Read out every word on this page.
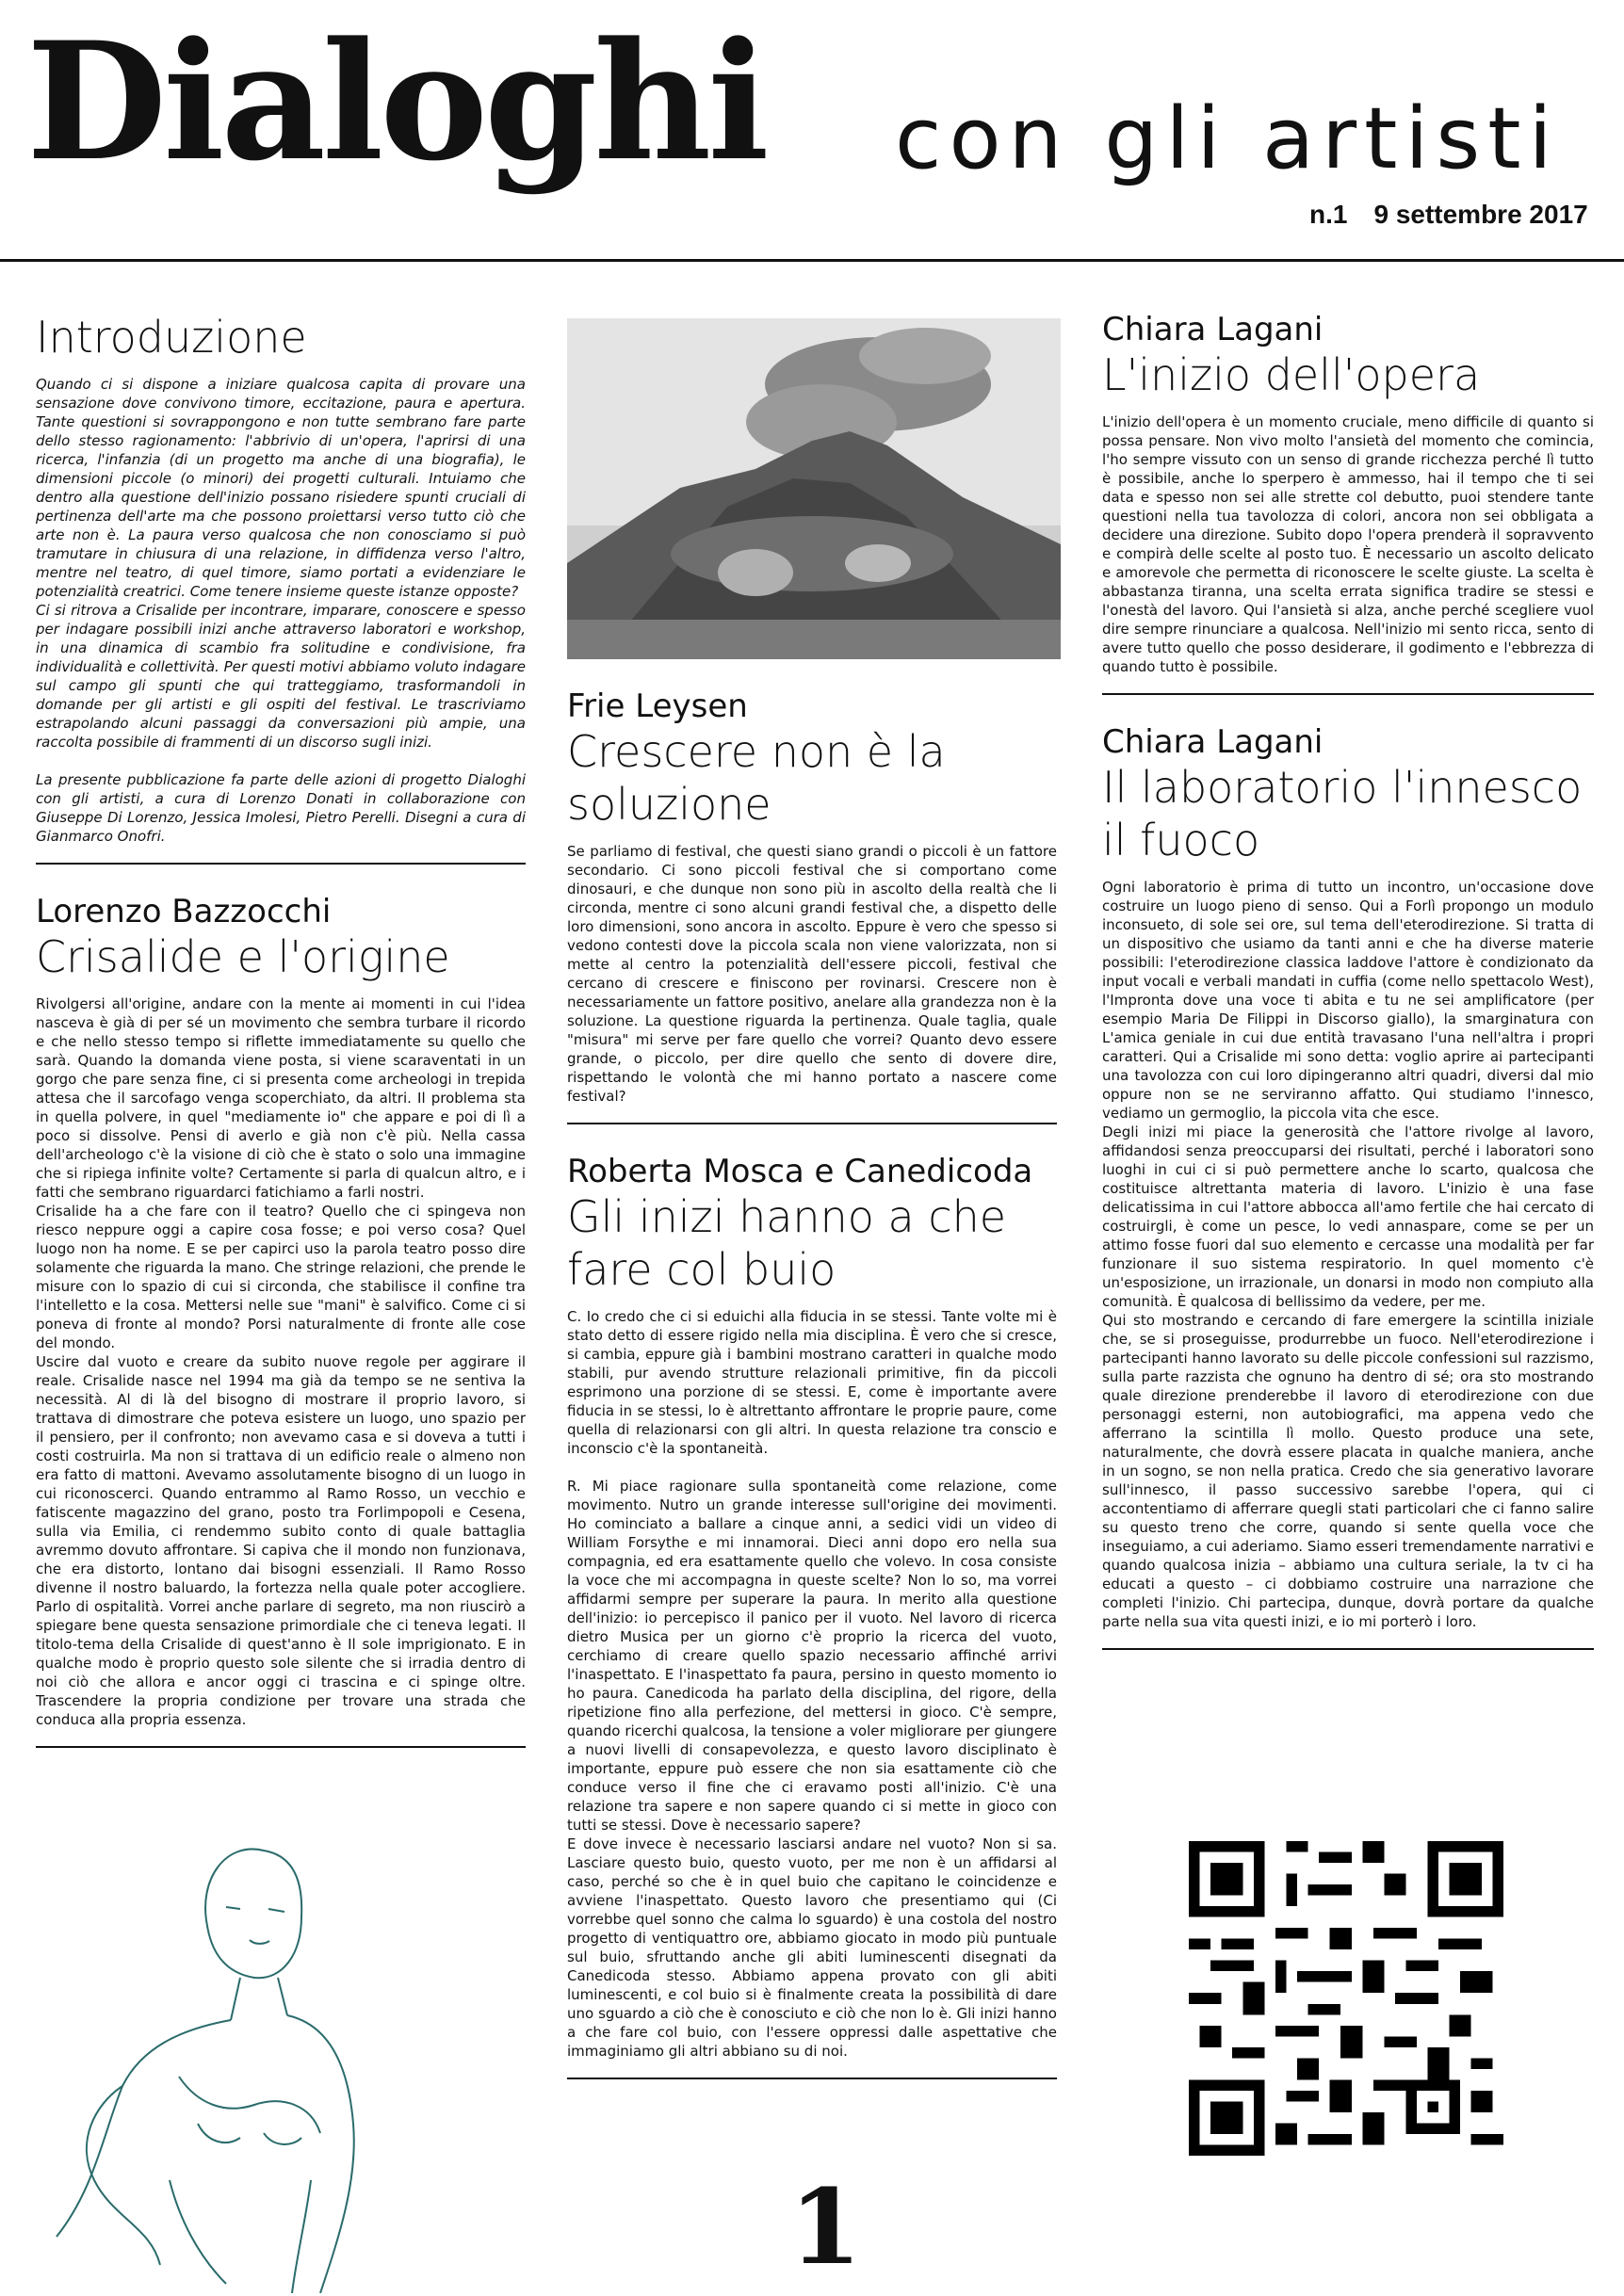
Dialoghi con gli artisti
n.1 9 settembre 2017
Introduzione

Quando ci si dispone a iniziare qualcosa capita di provare una sensazione dove convivono timore, eccitazione, paura e apertura. Tante questioni si sovrappongono e non tutte sembrano fare parte dello stesso ragionamento: l'abbrivio di un'opera, l'aprirsi di una ricerca, l'infanzia (di un progetto ma anche di una biografia), le dimensioni piccole (o minori) dei progetti culturali. Intuiamo che dentro alla questione dell'inizio possano risiedere spunti cruciali di pertinenza dell'arte ma che possono proiettarsi verso tutto ciò che arte non è. La paura verso qualcosa che non conosciamo si può tramutare in chiusura di una relazione, in diffidenza verso l'altro, mentre nel teatro, di quel timore, siamo portati a evidenziare le potenzialità creatrici. Come tenere insieme queste istanze opposte?

Ci si ritrova a Crisalide per incontrare, imparare, conoscere e spesso per indagare possibili inizi anche attraverso laboratori e workshop, in una dinamica di scambio fra solitudine e condivisione, fra individualità e collettività. Per questi motivi abbiamo voluto indagare sul campo gli spunti che qui tratteggiamo, trasformandoli in domande per gli artisti e gli ospiti del festival. Le trascriviamo estrapolando alcuni passaggi da conversazioni più ampie, una raccolta possibile di frammenti di un discorso sugli inizi.

La presente pubblicazione fa parte delle azioni di progetto Dialoghi con gli artisti, a cura di Lorenzo Donati in collaborazione con Giuseppe Di Lorenzo, Jessica Imolesi, Pietro Perelli. Disegni a cura di Gianmarco Onofri.

Lorenzo Bazzocchi

Crisalide e l'origine

Rivolgersi all'origine, andare con la mente ai momenti in cui l'idea nasceva è già di per sé un movimento che sembra turbare il ricordo e che nello stesso tempo si riflette immediatamente su quello che sarà. Quando la domanda viene posta, si viene scaraventati in un gorgo che pare senza fine, ci si presenta come archeologi in trepida attesa che il sarcofago venga scoperchiato, da altri. Il problema sta in quella polvere, in quel "mediamente io" che appare e poi di lì a poco si dissolve. Pensi di averlo e già non c'è più. Nella cassa dell'archeologo c'è la visione di ciò che è stato o solo una immagine che si ripiega infinite volte? Certamente si parla di qualcun altro, e i fatti che sembrano riguardarci fatichiamo a farli nostri.

Crisalide ha a che fare con il teatro? Quello che ci spingeva non riesco neppure oggi a capire cosa fosse; e poi verso cosa? Quel luogo non ha nome. E se per capirci uso la parola teatro posso dire solamente che riguarda la mano. Che stringe relazioni, che prende le misure con lo spazio di cui si circonda, che stabilisce il confine tra l'intelletto e la cosa. Mettersi nelle sue "mani" è salvifico. Come ci si poneva di fronte al mondo? Porsi naturalmente di fronte alle cose del mondo.

Uscire dal vuoto e creare da subito nuove regole per aggirare il reale. Crisalide nasce nel 1994 ma già da tempo se ne sentiva la necessità. Al di là del bisogno di mostrare il proprio lavoro, si trattava di dimostrare che poteva esistere un luogo, uno spazio per il pensiero, per il confronto; non avevamo casa e si doveva a tutti i costi costruirla. Ma non si trattava di un edificio reale o almeno non era fatto di mattoni. Avevamo assolutamente bisogno di un luogo in cui riconoscerci. Quando entrammo al Ramo Rosso, un vecchio e fatiscente magazzino del grano, posto tra Forlimpopoli e Cesena, sulla via Emilia, ci rendemmo subito conto di quale battaglia avremmo dovuto affrontare. Si capiva che il mondo non funzionava, che era distorto, lontano dai bisogni essenziali. Il Ramo Rosso divenne il nostro baluardo, la fortezza nella quale poter accogliere. Parlo di ospitalità. Vorrei anche parlare di segreto, ma non riuscirò a spiegare bene questa sensazione primordiale che ci teneva legati. Il titolo-tema della Crisalide di quest'anno è Il sole imprigionato. E in qualche modo è proprio questo sole silente che si irradia dentro di noi ciò che allora e ancor oggi ci trascina e ci spinge oltre. Trascendere la propria condizione per trovare una strada che conduca alla propria essenza.

Frie Leysen

Crescere non è la soluzione

Se parliamo di festival, che questi siano grandi o piccoli è un fattore secondario. Ci sono piccoli festival che si comportano come dinosauri, e che dunque non sono più in ascolto della realtà che li circonda, mentre ci sono alcuni grandi festival che, a dispetto delle loro dimensioni, sono ancora in ascolto. Eppure è vero che spesso si vedono contesti dove la piccola scala non viene valorizzata, non si mette al centro la potenzialità dell'essere piccoli, festival che cercano di crescere e finiscono per rovinarsi. Crescere non è necessariamente un fattore positivo, anelare alla grandezza non è la soluzione. La questione riguarda la pertinenza. Quale taglia, quale "misura" mi serve per fare quello che vorrei? Quanto devo essere grande, o piccolo, per dire quello che sento di dovere dire, rispettando le volontà che mi hanno portato a nascere come festival?

Roberta Mosca e Canedicoda

Gli inizi hanno a che fare col buio

C. Io credo che ci si eduichi alla fiducia in se stessi. Tante volte mi è stato detto di essere rigido nella mia disciplina. È vero che si cresce, si cambia, eppure già i bambini mostrano caratteri in qualche modo stabili, pur avendo strutture relazionali primitive, fin da piccoli esprimono una porzione di se stessi. E, come è importante avere fiducia in se stessi, lo è altrettanto affrontare le proprie paure, come quella di relazionarsi con gli altri. In questa relazione tra conscio e inconscio c'è la spontaneità.

R. Mi piace ragionare sulla spontaneità come relazione, come movimento. Nutro un grande interesse sull'origine dei movimenti. Ho cominciato a ballare a cinque anni, a sedici vidi un video di William Forsythe e mi innamorai. Dieci anni dopo ero nella sua compagnia, ed era esattamente quello che volevo. In cosa consiste la voce che mi accompagna in queste scelte? Non lo so, ma vorrei affidarmi sempre per superare la paura. In merito alla questione dell'inizio: io percepisco il panico per il vuoto. Nel lavoro di ricerca dietro Musica per un giorno c'è proprio la ricerca del vuoto, cerchiamo di creare quello spazio necessario affinché arrivi l'inaspettato. E l'inaspettato fa paura, persino in questo momento io ho paura. Canedicoda ha parlato della disciplina, del rigore, della ripetizione fino alla perfezione, del mettersi in gioco. C'è sempre, quando ricerchi qualcosa, la tensione a voler migliorare per giungere a nuovi livelli di consapevolezza, e questo lavoro disciplinato è importante, eppure può essere che non sia esattamente ciò che conduce verso il fine che ci eravamo posti all'inizio. C'è una relazione tra sapere e non sapere quando ci si mette in gioco con tutti se stessi. Dove è necessario sapere?

E dove invece è necessario lasciarsi andare nel vuoto? Non si sa. Lasciare questo buio, questo vuoto, per me non è un affidarsi al caso, perché so che è in quel buio che capitano le coincidenze e avviene l'inaspettato. Questo lavoro che presentiamo qui (Ci vorrebbe quel sonno che calma lo sguardo) è una costola del nostro progetto di ventiquattro ore, abbiamo giocato in modo più puntuale sul buio, sfruttando anche gli abiti luminescenti disegnati da Canedicoda stesso. Abbiamo appena provato con gli abiti luminescenti, e col buio si è finalmente creata la possibilità di dare uno sguardo a ciò che è conosciuto e ciò che non lo è. Gli inizi hanno a che fare col buio, con l'essere oppressi dalle aspettative che immaginiamo gli altri abbiano su di noi.

Chiara Lagani

L'inizio dell'opera

L'inizio dell'opera è un momento cruciale, meno difficile di quanto si possa pensare. Non vivo molto l'ansietà del momento che comincia, l'ho sempre vissuto con un senso di grande ricchezza perché lì tutto è possibile, anche lo sperpero è ammesso, hai il tempo che ti sei data e spesso non sei alle strette col debutto, puoi stendere tante questioni nella tua tavolozza di colori, ancora non sei obbligata a decidere una direzione. Subito dopo l'opera prenderà il sopravvento e compirà delle scelte al posto tuo. È necessario un ascolto delicato e amorevole che permetta di riconoscere le scelte giuste. La scelta è abbastanza tiranna, una scelta errata significa tradire se stessi e l'onestà del lavoro. Qui l'ansietà si alza, anche perché scegliere vuol dire sempre rinunciare a qualcosa. Nell'inizio mi sento ricca, sento di avere tutto quello che posso desiderare, il godimento e l'ebbrezza di quando tutto è possibile.

Chiara Lagani

Il laboratorio l'innesco il fuoco

Ogni laboratorio è prima di tutto un incontro, un'occasione dove costruire un luogo pieno di senso. Qui a Forlì propongo un modulo inconsueto, di sole sei ore, sul tema dell'eterodirezione. Si tratta di un dispositivo che usiamo da tanti anni e che ha diverse materie possibili: l'eterodirezione classica laddove l'attore è condizionato da input vocali e verbali mandati in cuffia (come nello spettacolo West), l'Impronta dove una voce ti abita e tu ne sei amplificatore (per esempio Maria De Filippi in Discorso giallo), la smarginatura con L'amica geniale in cui due entità travasano l'una nell'altra i propri caratteri. Qui a Crisalide mi sono detta: voglio aprire ai partecipanti una tavolozza con cui loro dipingeranno altri quadri, diversi dal mio oppure non se ne serviranno affatto. Qui studiamo l'innesco, vediamo un germoglio, la piccola vita che esce.

Degli inizi mi piace la generosità che l'attore rivolge al lavoro, affidandosi senza preoccuparsi dei risultati, perché i laboratori sono luoghi in cui ci si può permettere anche lo scarto, qualcosa che costituisce altrettanta materia di lavoro. L'inizio è una fase delicatissima in cui l'attore abbocca all'amo fertile che hai cercato di costruirgli, è come un pesce, lo vedi annaspare, come se per un attimo fosse fuori dal suo elemento e cercasse una modalità per far funzionare il suo sistema respiratorio. In quel momento c'è un'esposizione, un irrazionale, un donarsi in modo non compiuto alla comunità. È qualcosa di bellissimo da vedere, per me.

Qui sto mostrando e cercando di fare emergere la scintilla iniziale che, se si proseguisse, produrrebbe un fuoco. Nell'eterodirezione i partecipanti hanno lavorato su delle piccole confessioni sul razzismo, sulla parte razzista che ognuno ha dentro di sé; ora sto mostrando quale direzione prenderebbe il lavoro di eterodirezione con due personaggi esterni, non autobiografici, ma appena vedo che afferrano la scintilla lì mollo. Questo produce una sete, naturalmente, che dovrà essere placata in qualche maniera, anche in un sogno, se non nella pratica. Credo che sia generativo lavorare sull'innesco, il passo successivo sarebbe l'opera, qui ci accontentiamo di afferrare quegli stati particolari che ci fanno salire su questo treno che corre, quando si sente quella voce che inseguiamo, a cui aderiamo. Siamo esseri tremendamente narrativi e quando qualcosa inizia – abbiamo una cultura seriale, la tv ci ha educati a questo – ci dobbiamo costruire una narrazione che completi l'inizio. Chi partecipa, dunque, dovrà portare da qualche parte nella sua vita questi inizi, e io mi porterò i loro.

1
